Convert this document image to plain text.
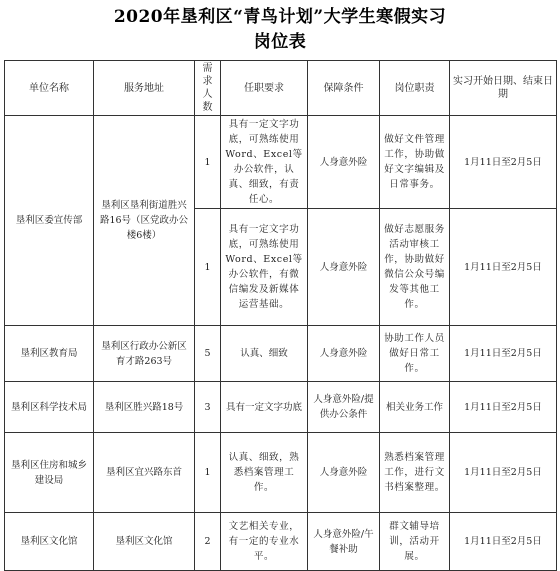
2020年垦利区“青鸟计划”大学生寒假实习
岗位表
单位名称	服务地址	需求人数	任职要求	保障条件	岗位职责	实习开始日期、结束日期
垦利区委宣传部	垦利区垦利街道胜兴路16号（区党政办公楼6楼）	1	具有一定文字功底，可熟练使用Word、Excel等办公软件，认真、细致，有责任心。	人身意外险	做好文件管理工作，协助做好文字编辑及日常事务。	1月11日至2月5日
		1	具有一定文字功底，可熟练使用Word、Excel等办公软件，有微信编发及新媒体运营基础。	人身意外险	做好志愿服务活动审核工作，协助做好微信公众号编发等其他工作。	1月11日至2月5日
垦利区教育局	垦利区行政办公新区育才路263号	5	认真、细致	人身意外险	协助工作人员做好日常工作。	1月11日至2月5日
垦利区科学技术局	垦利区胜兴路18号	3	具有一定文字功底	人身意外险/提供办公条件	相关业务工作	1月11日至2月5日
垦利区住房和城乡建设局	垦利区宜兴路东首	1	认真、细致，熟悉档案管理工作。	人身意外险	熟悉档案管理工作，进行文书档案整理。	1月11日至2月5日
垦利区文化馆	垦利区文化馆	2	文艺相关专业，有一定的专业水平。	人身意外险/午餐补助	群文辅导培训，活动开展。	1月11日至2月5日
